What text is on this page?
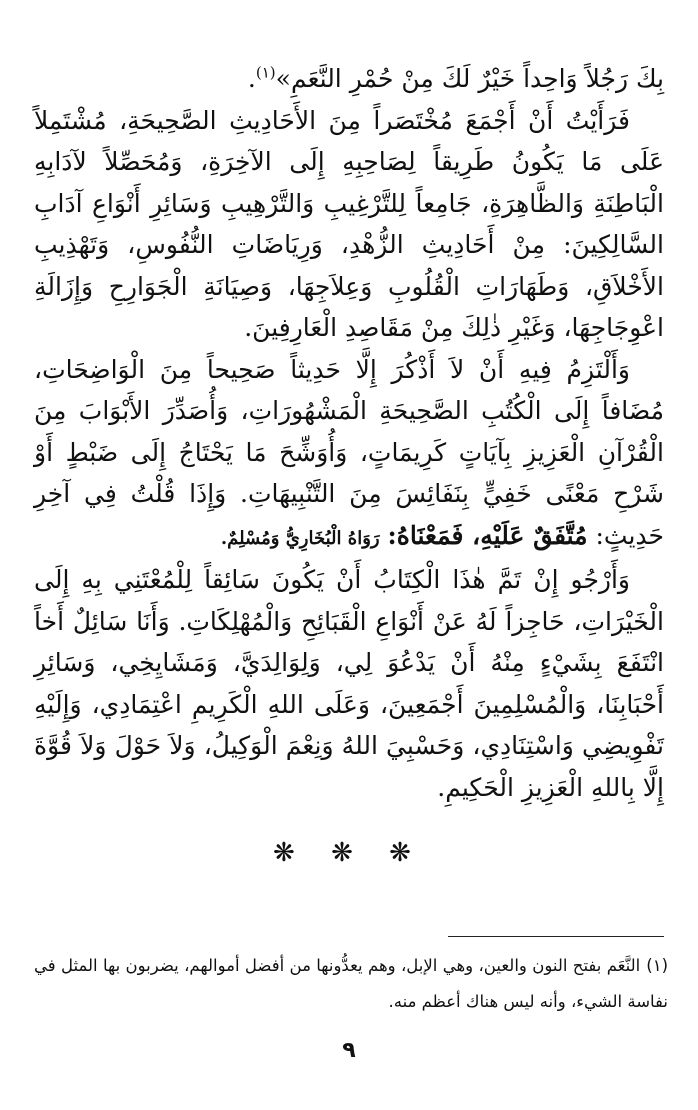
بِكَ رَجُلاً وَاحِداً خَيْرٌ لَكَ مِنْ حُمْرِ النَّعَمِ»$^{(١)}$.

فَرَأَيْتُ أَنْ أَجْمَعَ مُخْتَصَراً مِنَ الأَحَادِيثِ الصَّحِيحَةِ، مُشْتَمِلاً عَلَى مَا يَكُونُ طَرِيقاً لِصَاحِبِهِ إِلَى الآخِرَةِ، وَمُحَصِّلاً لآدَابِهِ الْبَاطِنَةِ وَالظَّاهِرَةِ، جَامِعاً لِلتَّرْغِيبِ وَالتَّرْهِيبِ وَسَائِرِ أَنْوَاعِ آدَابِ السَّالِكِينَ: مِنْ أَحَادِيثِ الزُّهْدِ، وَرِيَاضَاتِ النُّفُوسِ، وَتَهْذِيبِ الأَخْلاَقِ، وَطَهَارَاتِ الْقُلُوبِ وَعِلاَجِهَا، وَصِيَانَةِ الْجَوَارِحِ وَإِزَالَةِ اعْوِجَاجِهَا، وَغَيْرِ ذٰلِكَ مِنْ مَقَاصِدِ الْعَارِفِينَ.

وَأَلْتَزِمُ فِيهِ أَنْ لاَ أَذْكُرَ إِلَّا حَدِيثاً صَحِيحاً مِنَ الْوَاضِحَاتِ، مُضَافاً إِلَى الْكُتُبِ الصَّحِيحَةِ الْمَشْهُورَاتِ، وَأُصَدِّرَ الأَبْوَابَ مِنَ الْقُرْآنِ الْعَزِيزِ بِآيَاتٍ كَرِيمَاتٍ، وَأُوَشِّحَ مَا يَحْتَاجُ إِلَى ضَبْطٍ أَوْ شَرْحِ مَعْنًى خَفِيٍّ بِنَفَائِسَ مِنَ التَّنْبِيهَاتِ. وَإِذَا قُلْتُ فِي آخِرِ حَدِيثٍ: مُتَّفَقٌ عَلَيْهِ، فَمَعْنَاهُ: رَوَاهُ الْبُخَارِيُّ وَمُسْلِمٌ.

وَأَرْجُو إِنْ تَمَّ هٰذَا الْكِتَابُ أَنْ يَكُونَ سَائِقاً لِلْمُعْتَنِي بِهِ إِلَى الْخَيْرَاتِ، حَاجِزاً لَهُ عَنْ أَنْوَاعِ الْقَبَائِحِ وَالْمُهْلِكَاتِ. وَأَنَا سَائِلٌ أَخاً انْتَفَعَ بِشَيْءٍ مِنْهُ أَنْ يَدْعُوَ لِي، وَلِوَالِدَيَّ، وَمَشَايِخِي، وَسَائِرِ أَحْبَابِنَا، وَالْمُسْلِمِينَ أَجْمَعِينَ، وَعَلَى اللهِ الْكَرِيمِ اعْتِمَادِي، وَإِلَيْهِ تَفْوِيضِي وَاسْتِنَادِي، وَحَسْبِيَ اللهُ وَنِعْمَ الْوَكِيلُ، وَلاَ حَوْلَ وَلاَ قُوَّةَ إِلَّا بِاللهِ الْعَزِيزِ الْحَكِيمِ.

❋ ❋ ❋
(١)النَّعَم بفتح النون والعين، وهي الإبل، وهم يعدُّونها من أفضل أموالهم، يضربون بها المثل في نفاسة الشيء، وأنه ليس هناك أعظم منه.
٩
